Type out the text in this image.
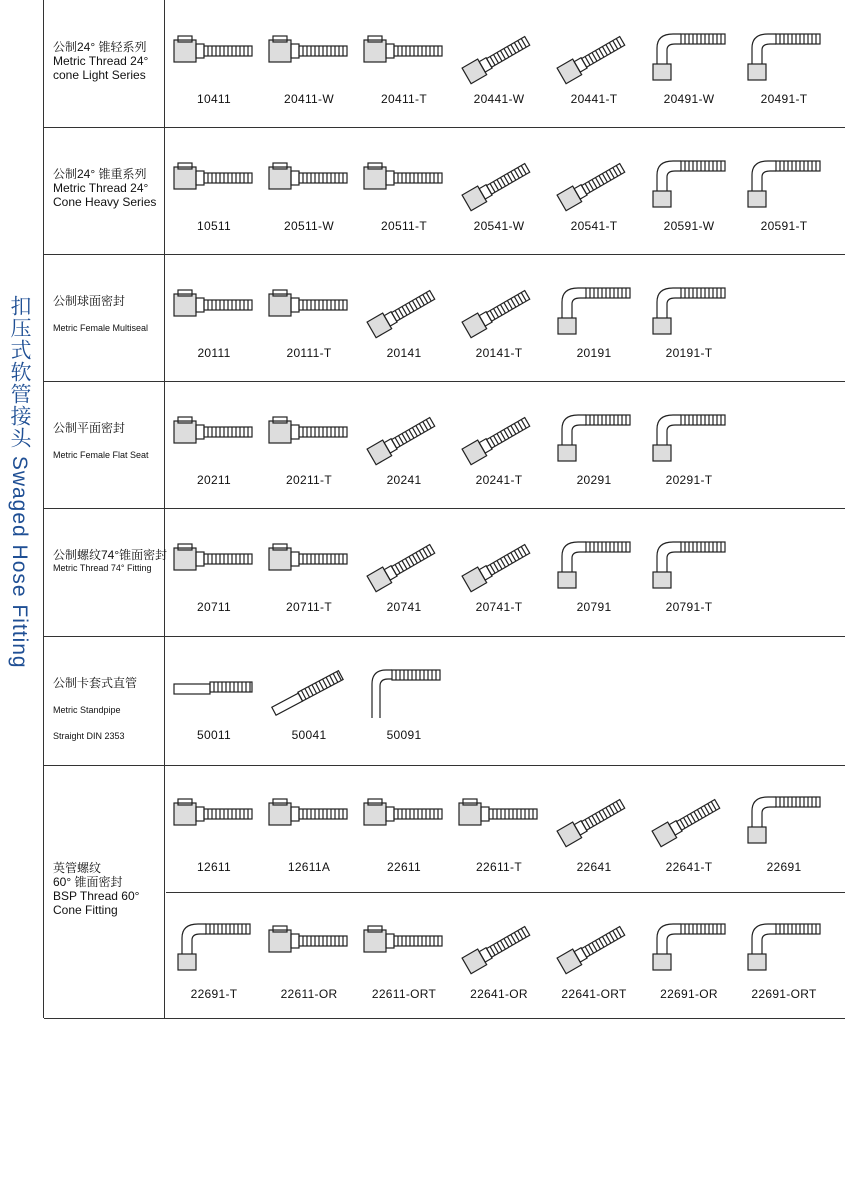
扣压式软管接头 Swaged Hose Fitting
公制24° 锥轻系列
Metric Thread 24°
cone Light Series
10411	20411-W	20411-T	20441-W	20441-T	20491-W	20491-T
公制24° 锥重系列
Metric Thread 24°
Cone Heavy Series
10511	20511-W	20511-T	20541-W	20541-T	20591-W	20591-T
公制球面密封

Metric Female Multiseal
20111	20111-T	20141	20141-T	20191	20191-T
公制平面密封

Metric Female Flat Seat
20211	20211-T	20241	20241-T	20291	20291-T
公制螺纹74°锥面密封
Metric Thread 74° Fitting
20711	20711-T	20741	20741-T	20791	20791-T
公制卡套式直管

Metric Standpipe

Straight DIN 2353	50011	50041	50091
英管螺纹
60° 锥面密封
BSP Thread 60°
Cone Fitting
12611	12611A	22611	22611-T	22641	22641-T	22691
22691-T	22611-OR	22611-ORT	22641-OR	22641-ORT	22691-OR	22691-ORT
